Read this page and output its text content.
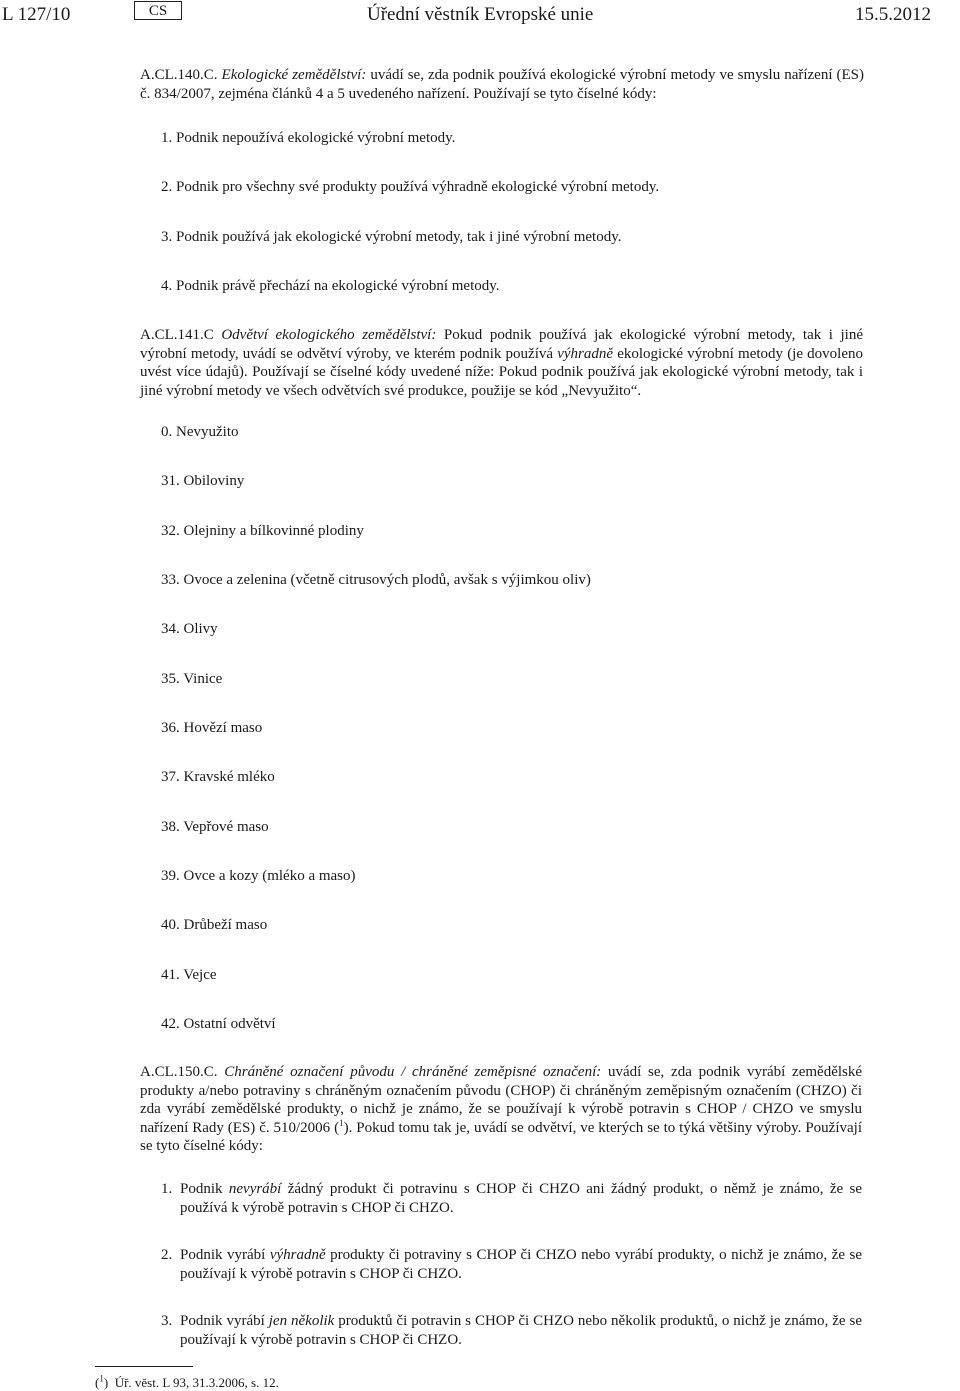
L 127/10	CS	Úřední věstník Evropské unie	15.5.2012
A.CL.140.C. Ekologické zemědělství: uvádí se, zda podnik používá ekologické výrobní metody ve smyslu nařízení (ES) č. 834/2007, zejména článků 4 a 5 uvedeného nařízení. Používají se tyto číselné kódy:
1. Podnik nepoužívá ekologické výrobní metody.
2. Podnik pro všechny své produkty používá výhradně ekologické výrobní metody.
3. Podnik používá jak ekologické výrobní metody, tak i jiné výrobní metody.
4. Podnik právě přechází na ekologické výrobní metody.
A.CL.141.C Odvětví ekologického zemědělství: Pokud podnik používá jak ekologické výrobní metody, tak i jiné výrobní metody, uvádí se odvětví výroby, ve kterém podnik používá výhradně ekologické výrobní metody (je dovoleno uvést více údajů). Používají se číselné kódy uvedené níže: Pokud podnik používá jak ekologické výrobní metody, tak i jiné výrobní metody ve všech odvětvích své produkce, použije se kód „Nevyužito“.
0. Nevyužito
31. Obiloviny
32. Olejniny a bílkovinné plodiny
33. Ovoce a zelenina (včetně citrusových plodů, avšak s výjimkou oliv)
34. Olivy
35. Vinice
36. Hovězí maso
37. Kravské mléko
38. Vepřové maso
39. Ovce a kozy (mléko a maso)
40. Drůbeží maso
41. Vejce
42. Ostatní odvětví
A.CL.150.C. Chráněné označení původu / chráněné zeměpisné označení: uvádí se, zda podnik vyrábí zemědělské produkty a/nebo potraviny s chráněným označením původu (CHOP) či chráněným zeměpisným označením (CHZO) či zda vyrábí zemědělské produkty, o nichž je známo, že se používají k výrobě potravin s CHOP / CHZO ve smyslu nařízení Rady (ES) č. 510/2006 ($^1$). Pokud tomu tak je, uvádí se odvětví, ve kterých se to týká většiny výroby. Používají se tyto číselné kódy:
1. Podnik nevyrábí žádný produkt či potravinu s CHOP či CHZO ani žádný produkt, o němž je známo, že se používá k výrobě potravin s CHOP či CHZO.
2. Podnik vyrábí výhradně produkty či potraviny s CHOP či CHZO nebo vyrábí produkty, o nichž je známo, že se používají k výrobě potravin s CHOP či CHZO.
3. Podnik vyrábí jen několik produktů či potravin s CHOP či CHZO nebo několik produktů, o nichž je známo, že se používají k výrobě potravin s CHOP či CHZO.
($^1$)  Úř. věst. L 93, 31.3.2006, s. 12.
